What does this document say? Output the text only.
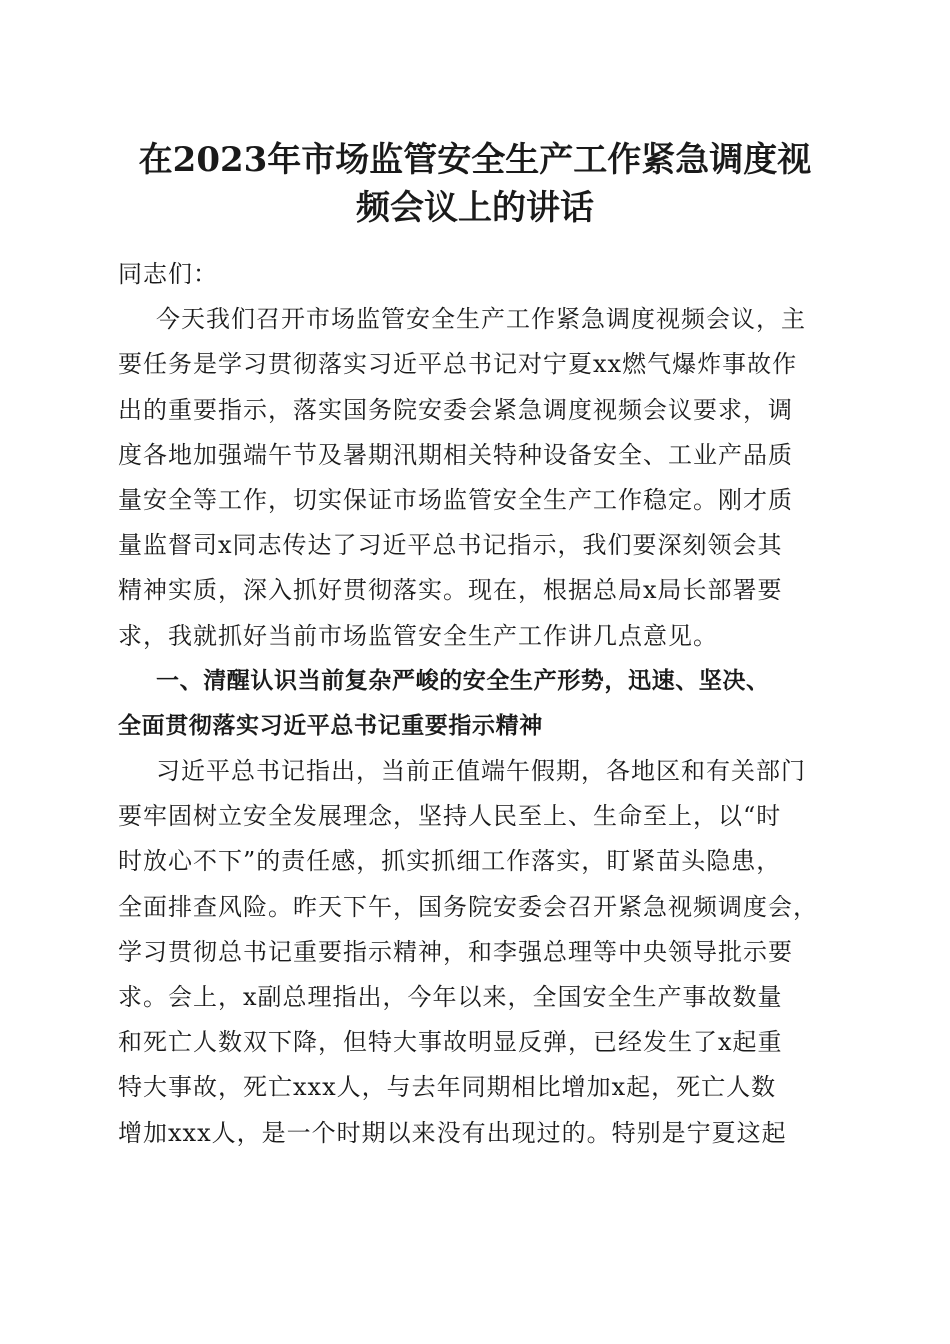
在2023年市场监管安全生产工作紧急调度视
频会议上的讲话
同志们：
今天我们召开市场监管安全生产工作紧急调度视频会议，主
要任务是学习贯彻落实习近平总书记对宁夏xx燃气爆炸事故作
出的重要指示，落实国务院安委会紧急调度视频会议要求，调
度各地加强端午节及暑期汛期相关特种设备安全、工业产品质
量安全等工作，切实保证市场监管安全生产工作稳定。刚才质
量监督司x同志传达了习近平总书记指示，我们要深刻领会其
精神实质，深入抓好贯彻落实。现在，根据总局x局长部署要
求，我就抓好当前市场监管安全生产工作讲几点意见。
一、清醒认识当前复杂严峻的安全生产形势，迅速、坚决、
全面贯彻落实习近平总书记重要指示精神
习近平总书记指出，当前正值端午假期，各地区和有关部门
要牢固树立安全发展理念，坚持人民至上、生命至上，以“时
时放心不下”的责任感，抓实抓细工作落实，盯紧苗头隐患，
全面排查风险。昨天下午，国务院安委会召开紧急视频调度会，
学习贯彻总书记重要指示精神，和李强总理等中央领导批示要
求。会上，x副总理指出，今年以来，全国安全生产事故数量
和死亡人数双下降，但特大事故明显反弹，已经发生了x起重
特大事故，死亡xxx人，与去年同期相比增加x起，死亡人数
增加xxx人，是一个时期以来没有出现过的。特别是宁夏这起
